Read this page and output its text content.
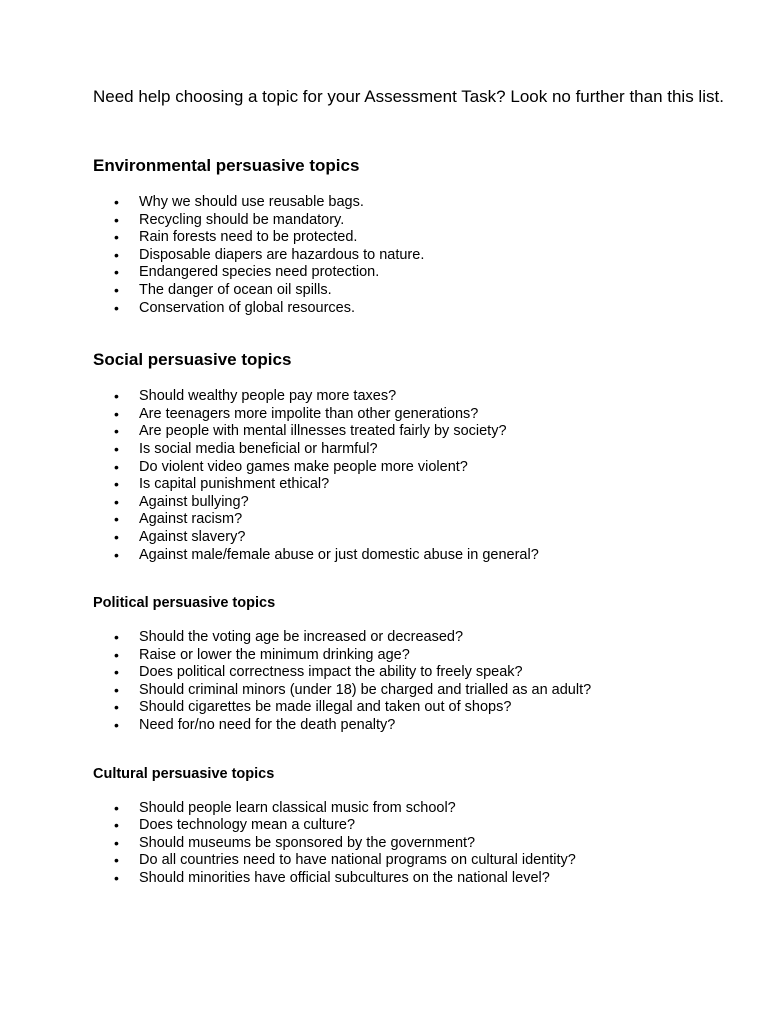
Need help choosing a topic for your Assessment Task? Look no further than this list.

Environmental persuasive topics
• Why we should use reusable bags.
• Recycling should be mandatory.
• Rain forests need to be protected.
• Disposable diapers are hazardous to nature.
• Endangered species need protection.
• The danger of ocean oil spills.
• Conservation of global resources.
Social persuasive topics
• Should wealthy people pay more taxes?
• Are teenagers more impolite than other generations?
• Are people with mental illnesses treated fairly by society?
• Is social media beneficial or harmful?
• Do violent video games make people more violent?
• Is capital punishment ethical?
• Against bullying?
• Against racism?
• Against slavery?
• Against male/female abuse or just domestic abuse in general?
Political persuasive topics
• Should the voting age be increased or decreased?
• Raise or lower the minimum drinking age?
• Does political correctness impact the ability to freely speak?
• Should criminal minors (under 18) be charged and trialled as an adult?
• Should cigarettes be made illegal and taken out of shops?
• Need for/no need for the death penalty?
Cultural persuasive topics
• Should people learn classical music from school?
• Does technology mean a culture?
• Should museums be sponsored by the government?
• Do all countries need to have national programs on cultural identity?
• Should minorities have official subcultures on the national level?
